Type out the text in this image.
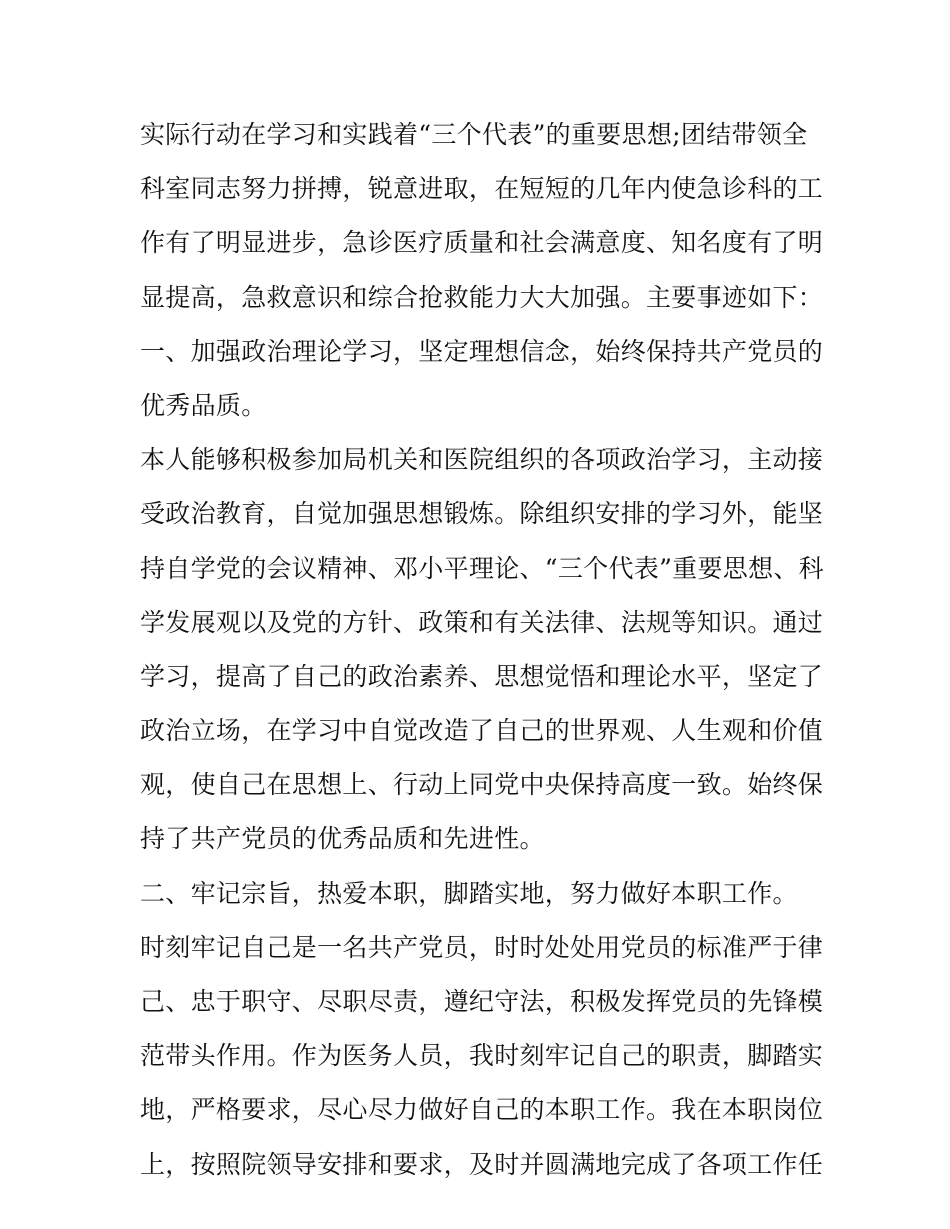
实际行动在学习和实践着“三个代表”的重要思想;团结带领全
科室同志努力拼搏，锐意进取，在短短的几年内使急诊科的工
作有了明显进步，急诊医疗质量和社会满意度、知名度有了明
显提高，急救意识和综合抢救能力大大加强。主要事迹如下：
一、加强政治理论学习，坚定理想信念，始终保持共产党员的
优秀品质。
本人能够积极参加局机关和医院组织的各项政治学习，主动接
受政治教育，自觉加强思想锻炼。除组织安排的学习外，能坚
持自学党的会议精神、邓小平理论、“三个代表”重要思想、科
学发展观以及党的方针、政策和有关法律、法规等知识。通过
学习，提高了自己的政治素养、思想觉悟和理论水平，坚定了
政治立场，在学习中自觉改造了自己的世界观、人生观和价值
观，使自己在思想上、行动上同党中央保持高度一致。始终保
持了共产党员的优秀品质和先进性。
二、牢记宗旨，热爱本职，脚踏实地，努力做好本职工作。
时刻牢记自己是一名共产党员，时时处处用党员的标准严于律
己、忠于职守、尽职尽责，遵纪守法，积极发挥党员的先锋模
范带头作用。作为医务人员，我时刻牢记自己的职责，脚踏实
地，严格要求，尽心尽力做好自己的本职工作。我在本职岗位
上，按照院领导安排和要求，及时并圆满地完成了各项工作任
